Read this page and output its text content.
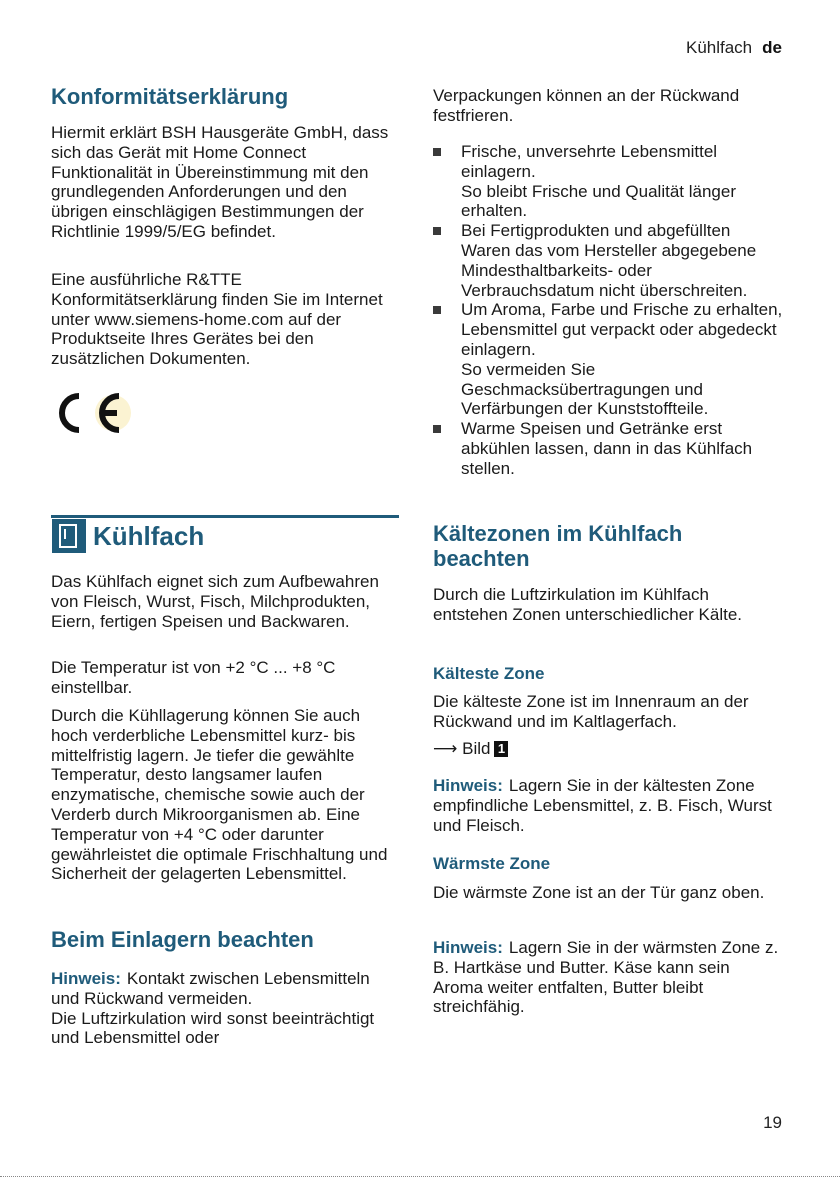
Kühlfach de
Konformitätserklärung

Hiermit erklärt BSH Hausgeräte GmbH, dass sich das Gerät mit Home Connect Funktionalität in Übereinstimmung mit den grundlegenden Anforderungen und den übrigen einschlägigen Bestimmungen der Richtlinie 1999/5/EG befindet.

Eine ausführliche R&TTE Konformitätserklärung finden Sie im Internet unter www.siemens-home.com auf der Produktseite Ihres Gerätes bei den zusätzlichen Dokumenten.

Kühlfach

Das Kühlfach eignet sich zum Aufbewahren von Fleisch, Wurst, Fisch, Milchprodukten, Eiern, fertigen Speisen und Backwaren.

Die Temperatur ist von +2 °C ... +8 °C einstellbar.

Durch die Kühllagerung können Sie auch hoch verderbliche Lebensmittel kurz- bis mittelfristig lagern. Je tiefer die gewählte Temperatur, desto langsamer laufen enzymatische, chemische sowie auch der Verderb durch Mikroorganismen ab. Eine Temperatur von +4 °C oder darunter gewährleistet die optimale Frischhaltung und Sicherheit der gelagerten Lebensmittel.

Beim Einlagern beachten

Hinweis: Kontakt zwischen Lebensmitteln und Rückwand vermeiden.
Die Luftzirkulation wird sonst beeinträchtigt und Lebensmittel oder

Verpackungen können an der Rückwand festfrieren.

Frische, unversehrte Lebensmittel einlagern.
So bleibt Frische und Qualität länger erhalten.
Bei Fertigprodukten und abgefüllten Waren das vom Hersteller abgegebene Mindesthaltbarkeits- oder Verbrauchsdatum nicht überschreiten.
Um Aroma, Farbe und Frische zu erhalten, Lebensmittel gut verpackt oder abgedeckt einlagern.
So vermeiden Sie Geschmacksübertragungen und Verfärbungen der Kunststoffteile.
Warme Speisen und Getränke erst abkühlen lassen, dann in das Kühlfach stellen.
Kältezonen im Kühlfach beachten

Durch die Luftzirkulation im Kühlfach entstehen Zonen unterschiedlicher Kälte.

Kälteste Zone

Die kälteste Zone ist im Innenraum an der Rückwand und im Kaltlagerfach.

⟶ Bild 1

Hinweis: Lagern Sie in der kältesten Zone empfindliche Lebensmittel, z. B. Fisch, Wurst und Fleisch.

Wärmste Zone

Die wärmste Zone ist an der Tür ganz oben.

Hinweis: Lagern Sie in der wärmsten Zone z. B. Hartkäse und Butter. Käse kann sein Aroma weiter entfalten, Butter bleibt streichfähig.

19
